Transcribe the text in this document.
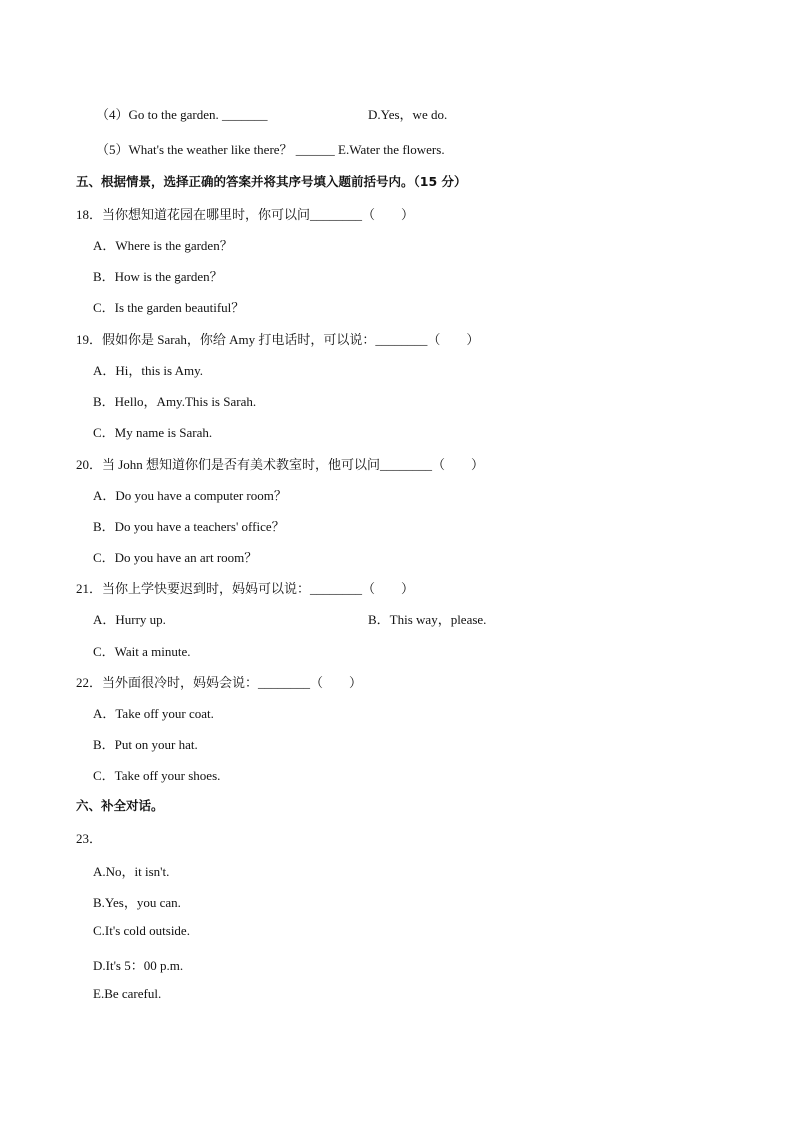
（4）Go to the garden. _______	D.Yes，we do.
（5）What's the weather like there？ ______ E.Water the flowers.
五、根据情景，选择正确的答案并将其序号填入题前括号内。（15 分）
18．当你想知道花园在哪里时，你可以问________（　　）
A．Where is the garden？
B．How is the garden？
C．Is the garden beautiful？
19．假如你是 Sarah，你给 Amy 打电话时，可以说：________（　　）
A．Hi，this is Amy.
B．Hello，Amy.This is Sarah.
C．My name is Sarah.
20．当 John 想知道你们是否有美术教室时，他可以问________（　　）
A．Do you have a computer room？
B．Do you have a teachers' office？
C．Do you have an art room？
21．当你上学快要迟到时，妈妈可以说：________（　　）
A．Hurry up.	B．This way，please.
C．Wait a minute.
22．当外面很冷时，妈妈会说：________（　　）
A．Take off your coat.
B．Put on your hat.
C．Take off your shoes.
六、补全对话。
23．
A.No，it isn't.
B.Yes，you can.
C.It's cold outside.
D.It's 5：00 p.m.
E.Be careful.
